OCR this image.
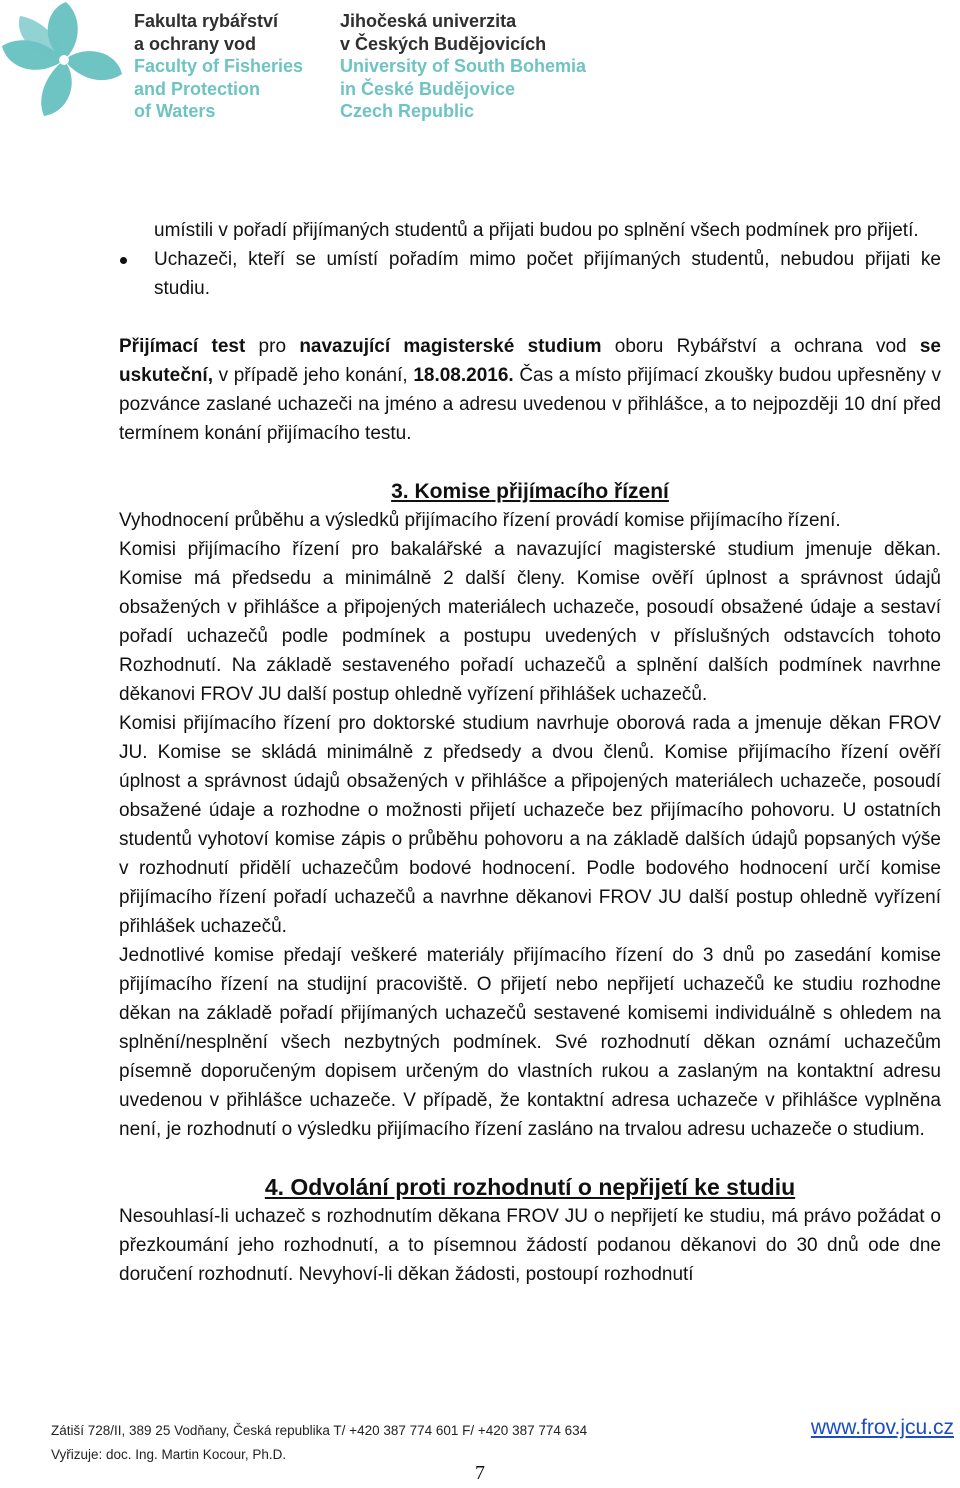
Fakulta rybářství
a ochrany vod
Faculty of Fisheries
and Protection
of Waters
Jihočeská univerzita
v Českých Budějovicích
University of South Bohemia
in České Budějovice
Czech Republic
umístili v pořadí přijímaných studentů a přijati budou po splnění všech podmínek pro přijetí.
Uchazeči, kteří se umístí pořadím mimo počet přijímaných studentů, nebudou přijati ke studiu.

Přijímací test pro navazující magisterské studium oboru Rybářství a ochrana vod se uskuteční, v případě jeho konání, 18.08.2016. Čas a místo přijímací zkoušky budou upřesněny v pozvánce zaslané uchazeči na jméno a adresu uvedenou v přihlášce, a to nejpozději 10 dní před termínem konání přijímacího testu.

3. Komise přijímacího řízení

Vyhodnocení průběhu a výsledků přijímacího řízení provádí komise přijímacího řízení.

Komisi přijímacího řízení pro bakalářské a navazující magisterské studium jmenuje děkan. Komise má předsedu a minimálně 2 další členy. Komise ověří úplnost a správnost údajů obsažených v přihlášce a připojených materiálech uchazeče, posoudí obsažené údaje a sestaví pořadí uchazečů podle podmínek a postupu uvedených v příslušných odstavcích tohoto Rozhodnutí. Na základě sestaveného pořadí uchazečů a splnění dalších podmínek navrhne děkanovi FROV JU další postup ohledně vyřízení přihlášek uchazečů.

Komisi přijímacího řízení pro doktorské studium navrhuje oborová rada a jmenuje děkan FROV JU. Komise se skládá minimálně z předsedy a dvou členů. Komise přijímacího řízení ověří úplnost a správnost údajů obsažených v přihlášce a připojených materiálech uchazeče, posoudí obsažené údaje a rozhodne o možnosti přijetí uchazeče bez přijímacího pohovoru. U ostatních studentů vyhotoví komise zápis o průběhu pohovoru a na základě dalších údajů popsaných výše v rozhodnutí přidělí uchazečům bodové hodnocení. Podle bodového hodnocení určí komise přijímacího řízení pořadí uchazečů a navrhne děkanovi FROV JU další postup ohledně vyřízení přihlášek uchazečů.

Jednotlivé komise předají veškeré materiály přijímacího řízení do 3 dnů po zasedání komise přijímacího řízení na studijní pracoviště. O přijetí nebo nepřijetí uchazečů ke studiu rozhodne děkan na základě pořadí přijímaných uchazečů sestavené komisemi individuálně s ohledem na splnění/nesplnění všech nezbytných podmínek. Své rozhodnutí děkan oznámí uchazečům písemně doporučeným dopisem určeným do vlastních rukou a zaslaným na kontaktní adresu uvedenou v přihlášce uchazeče. V případě, že kontaktní adresa uchazeče v přihlášce vyplněna není, je rozhodnutí o výsledku přijímacího řízení zasláno na trvalou adresu uchazeče o studium.

4. Odvolání proti rozhodnutí o nepřijetí ke studiu

Nesouhlasí-li uchazeč s rozhodnutím děkana FROV JU o nepřijetí ke studiu, má právo požádat o přezkoumání jeho rozhodnutí, a to písemnou žádostí podanou děkanovi do 30 dnů ode dne doručení rozhodnutí. Nevyhoví-li děkan žádosti, postoupí rozhodnutí

Zátiší 728/II, 389 25 Vodňany, Česká republika T/ +420 387 774 601 F/ +420 387 774 634
Vyřizuje: doc. Ing. Martin Kocour, Ph.D.
www.frov.jcu.cz
7
